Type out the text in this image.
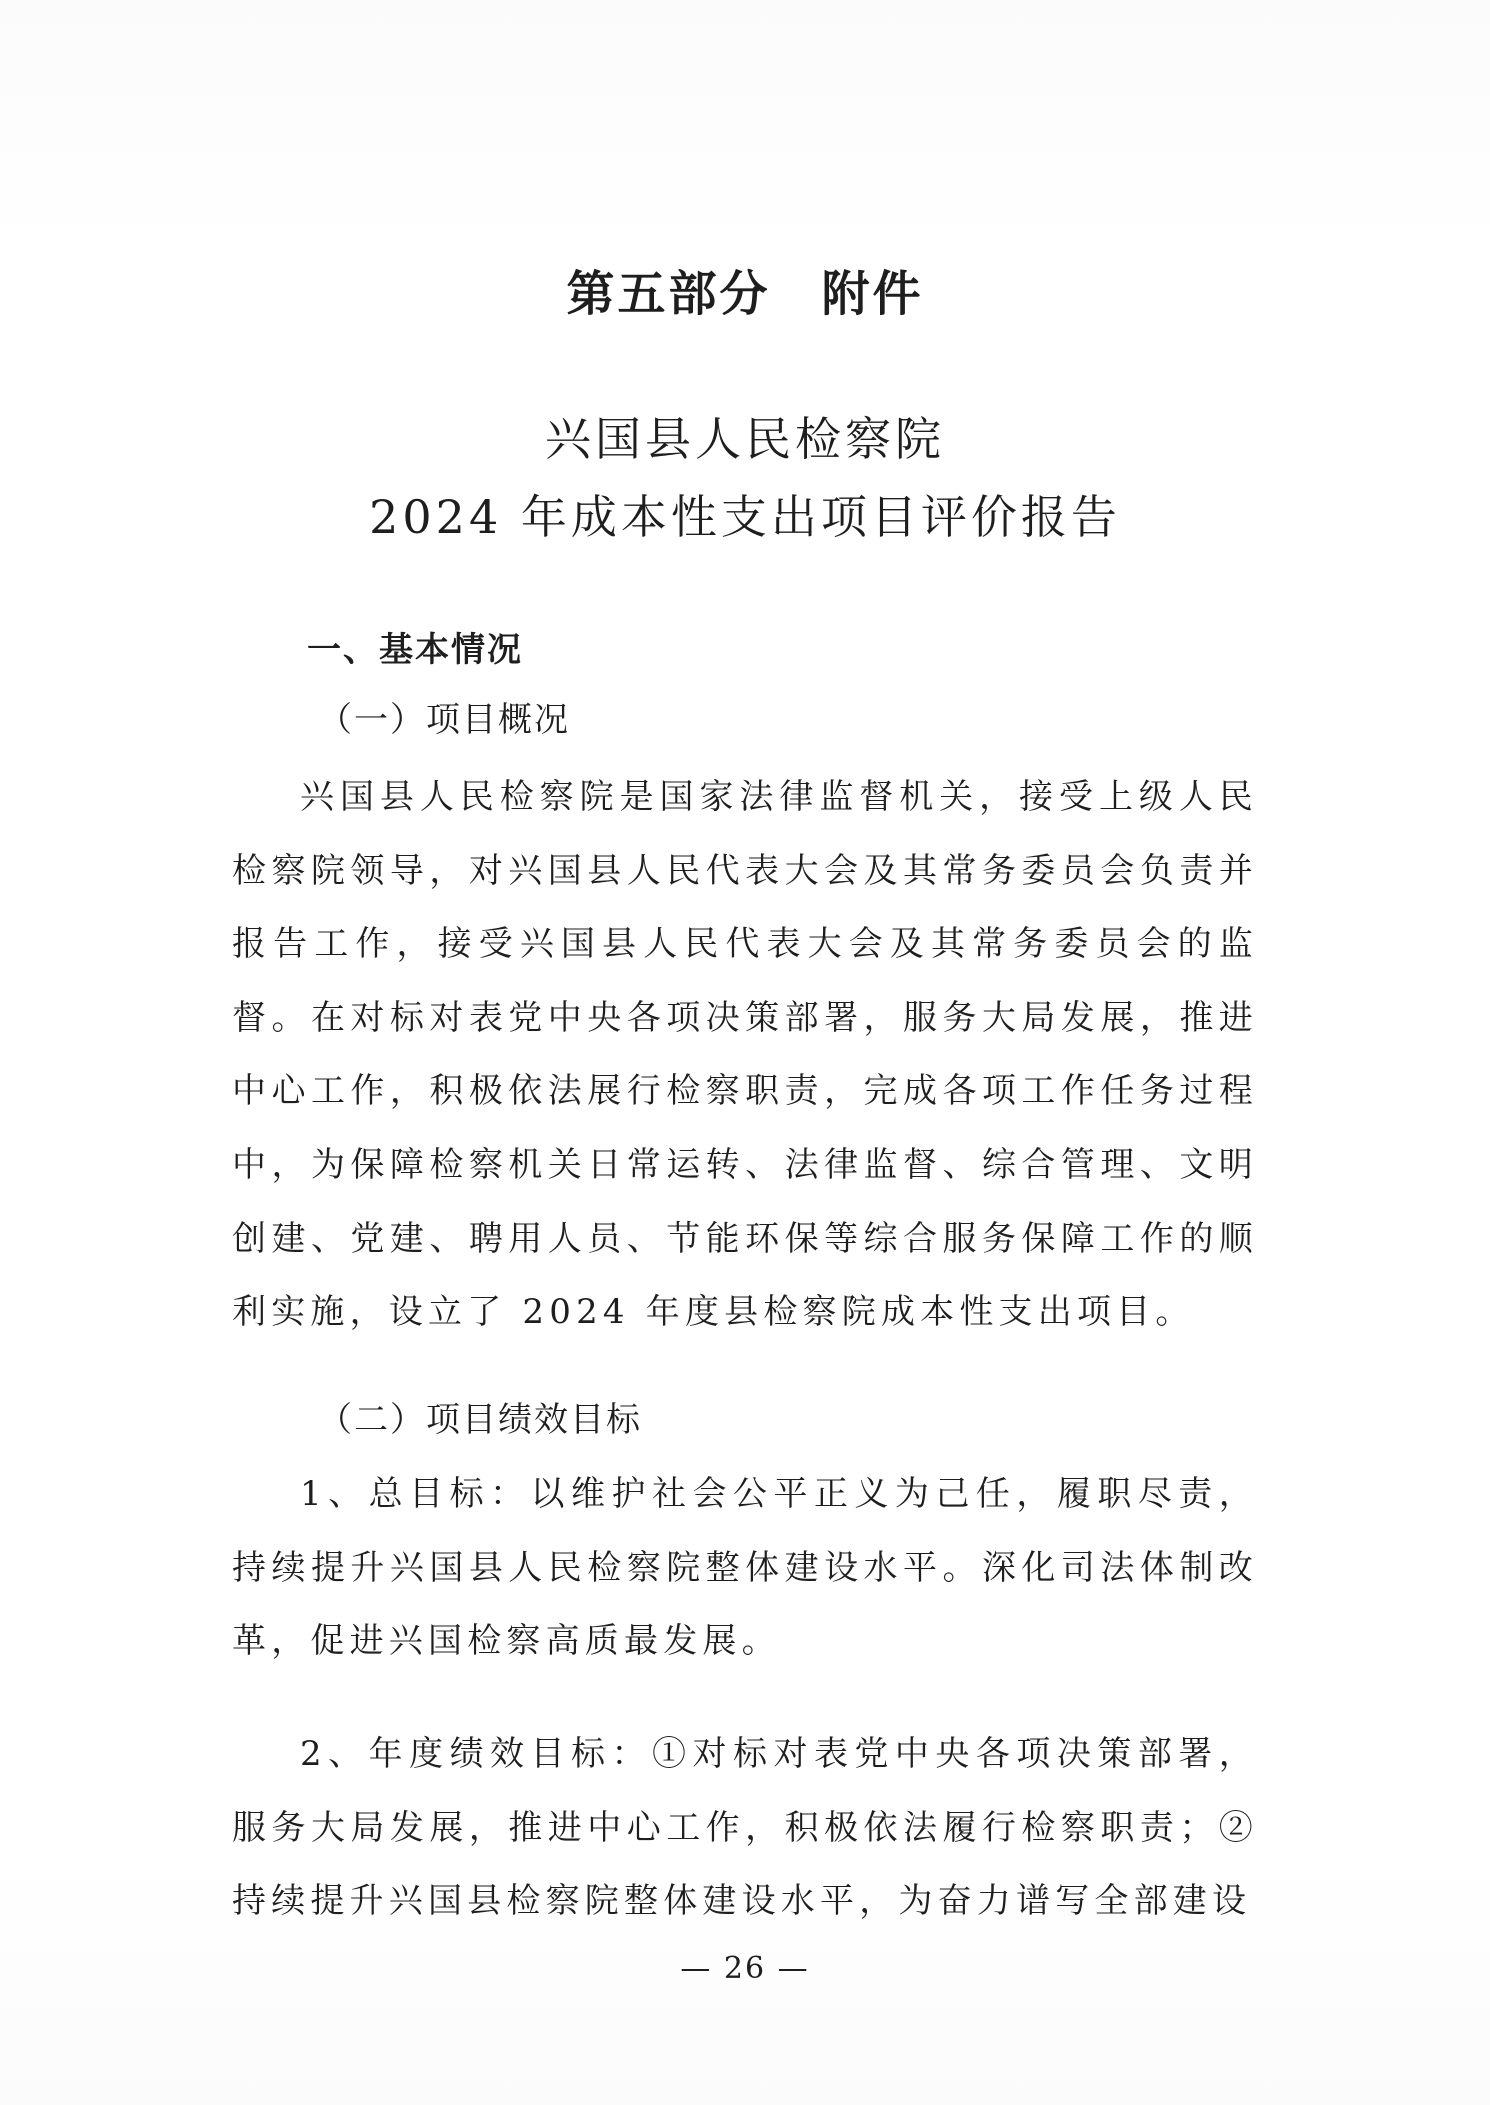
第五部分　附件
兴国县人民检察院
2024 年成本性支出项目评价报告
一、基本情况
（一）项目概况
兴国县人民检察院是国家法律监督机关，接受上级人民检察院领导，对兴国县人民代表大会及其常务委员会负责并报告工作，接受兴国县人民代表大会及其常务委员会的监督。在对标对表党中央各项决策部署，服务大局发展，推进中心工作，积极依法展行检察职责，完成各项工作任务过程中，为保障检察机关日常运转、法律监督、综合管理、文明创建、党建、聘用人员、节能环保等综合服务保障工作的顺利实施，设立了 2024 年度县检察院成本性支出项目。
（二）项目绩效目标
1、总目标：以维护社会公平正义为己任，履职尽责，持续提升兴国县人民检察院整体建设水平。深化司法体制改革，促进兴国检察高质最发展。
2、年度绩效目标：①对标对表党中央各项决策部署，服务大局发展，推进中心工作，积极依法履行检察职责；②持续提升兴国县检察院整体建设水平，为奋力谱写全部建设
— 26 —
